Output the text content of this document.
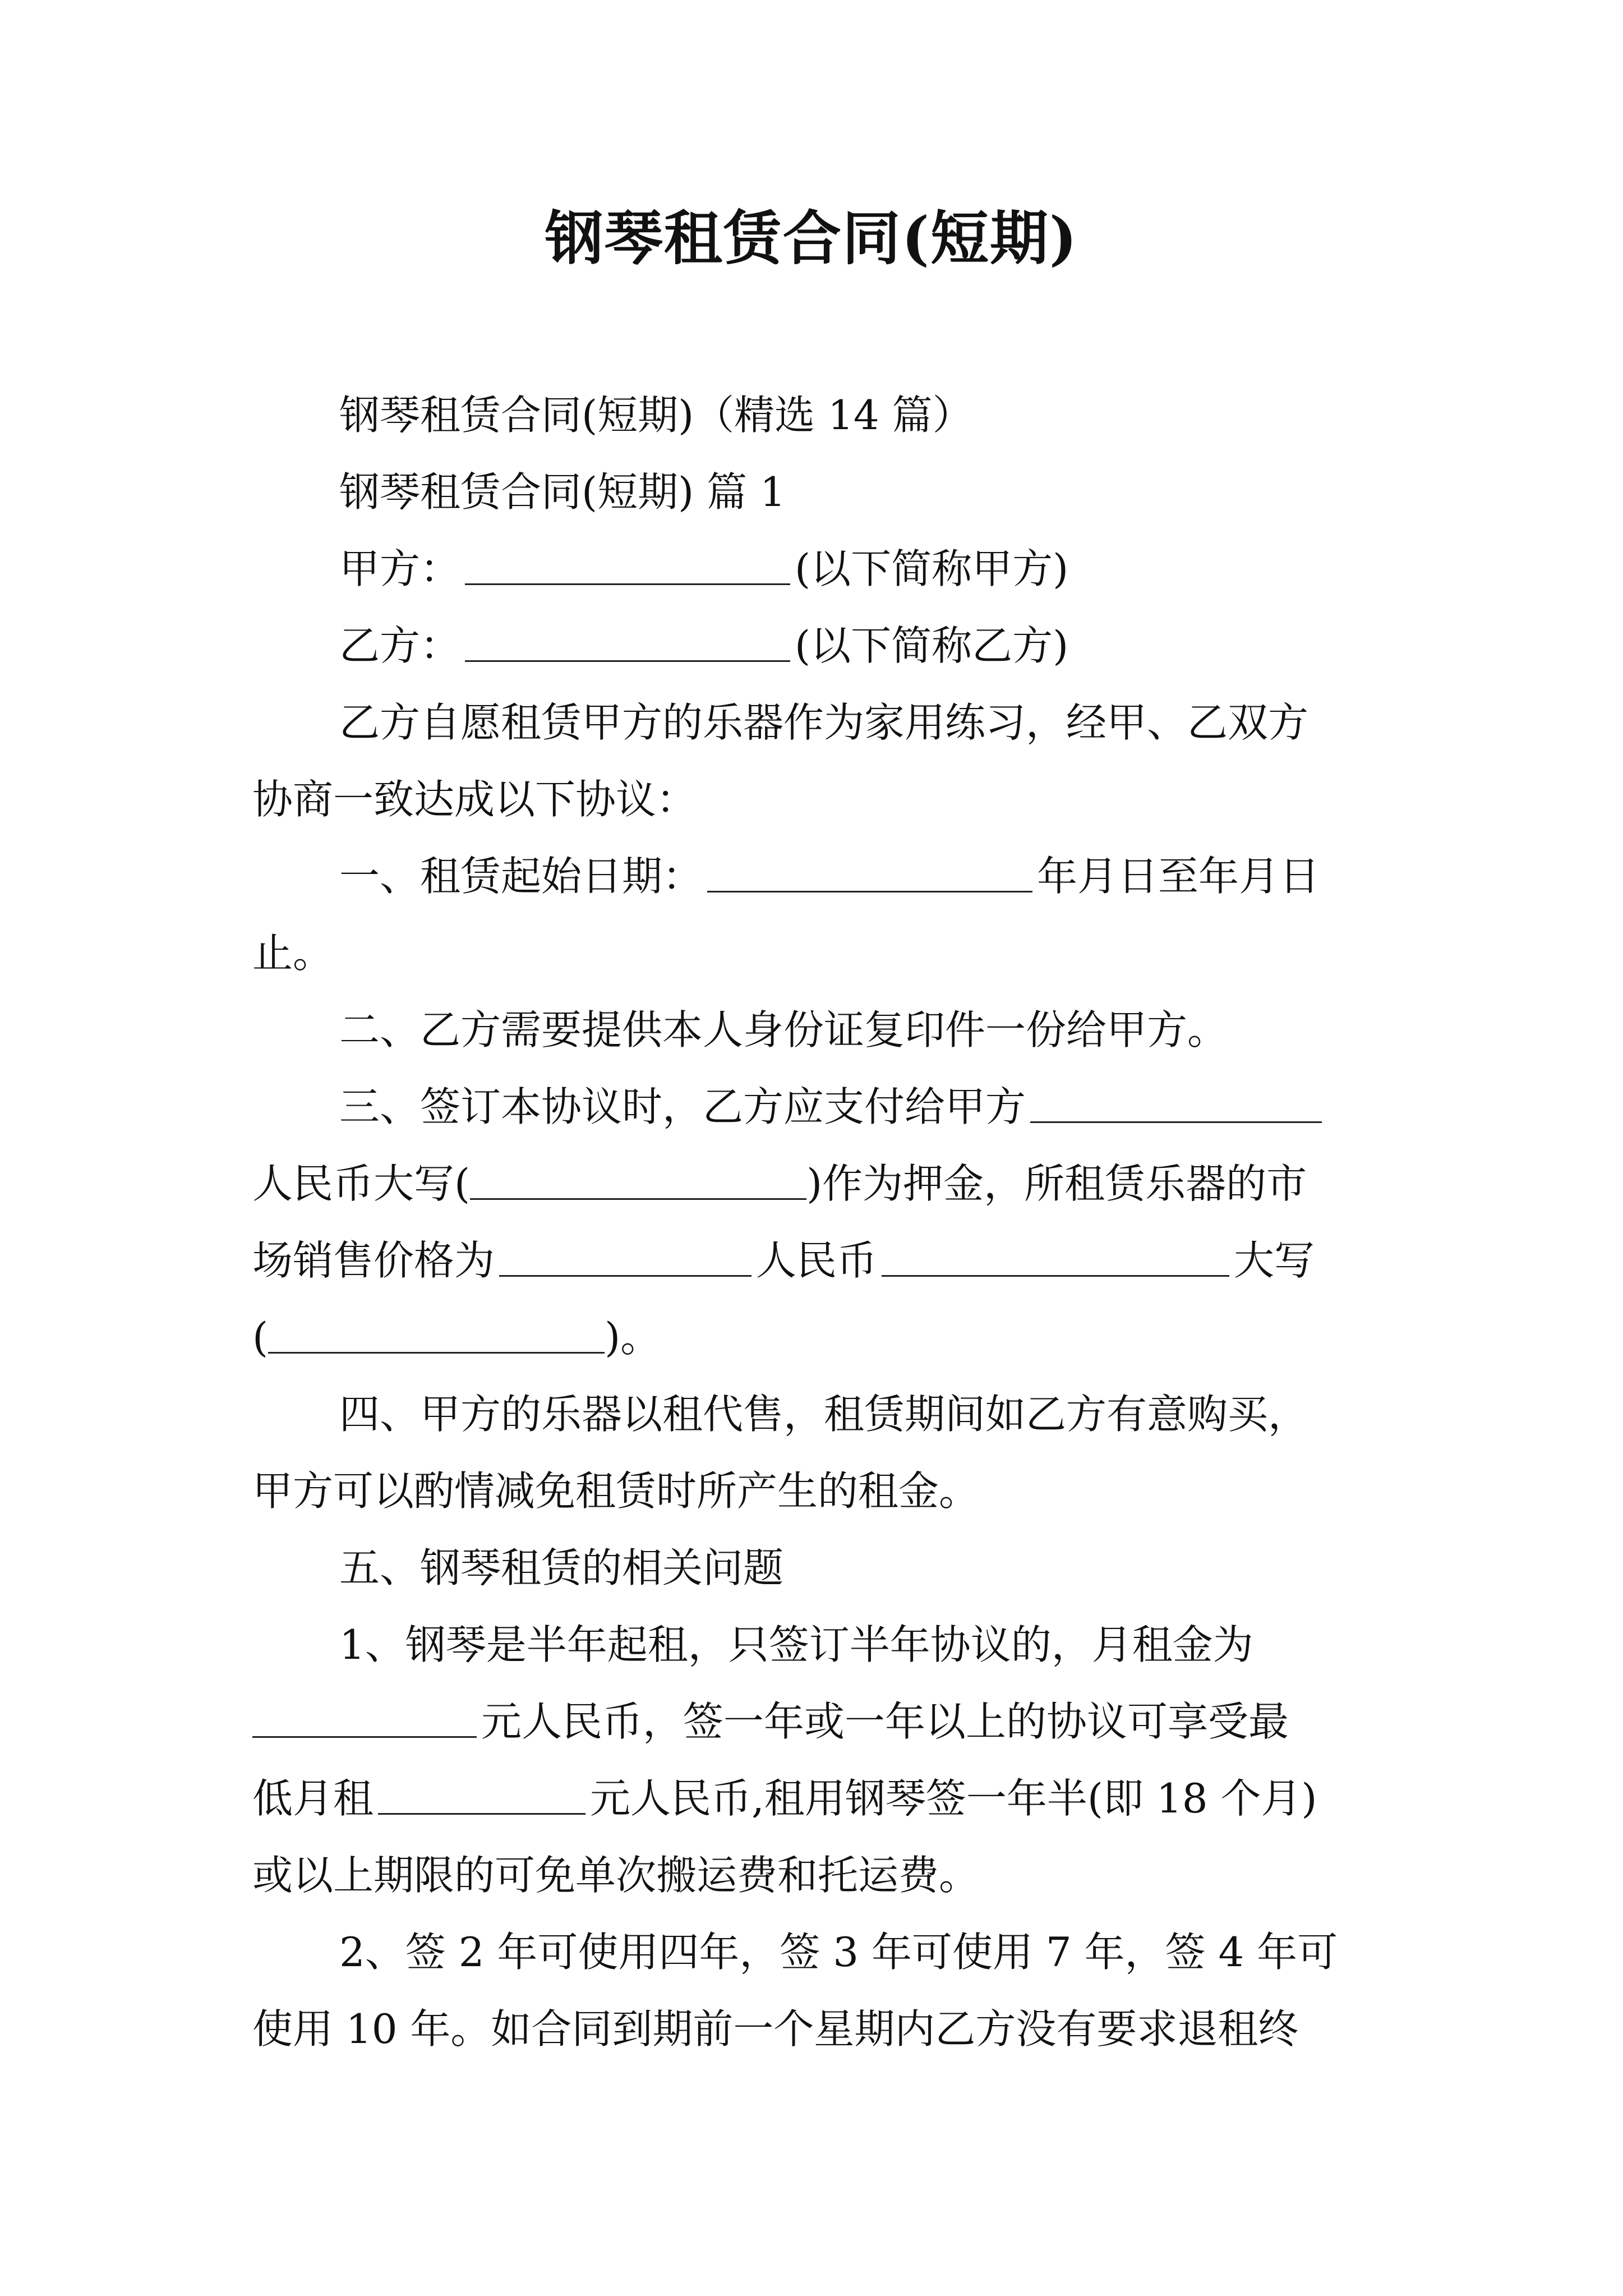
钢琴租赁合同(短期)
钢琴租赁合同(短期)（精选 14 篇）
钢琴租赁合同(短期) 篇 1
甲方：	(以下简称甲方)
乙方：	(以下简称乙方)
乙方自愿租赁甲方的乐器作为家用练习，经甲、乙双方
协商一致达成以下协议：
一、租赁起始日期：	年月日至年月日
止。
二、乙方需要提供本人身份证复印件一份给甲方。
三、签订本协议时，乙方应支付给甲方
人民币大写(	)作为押金，所租赁乐器的市
场销售价格为	人民币	大写
(	)。
四、甲方的乐器以租代售，租赁期间如乙方有意购买，
甲方可以酌情减免租赁时所产生的租金。
五、钢琴租赁的相关问题
1、钢琴是半年起租，只签订半年协议的，月租金为
元人民币，签一年或一年以上的协议可享受最
低月租	元人民币,租用钢琴签一年半(即 18 个月)
或以上期限的可免单次搬运费和托运费。
2、签 2 年可使用四年，签 3 年可使用 7 年，签 4 年可
使用 10 年。如合同到期前一个星期内乙方没有要求退租终
